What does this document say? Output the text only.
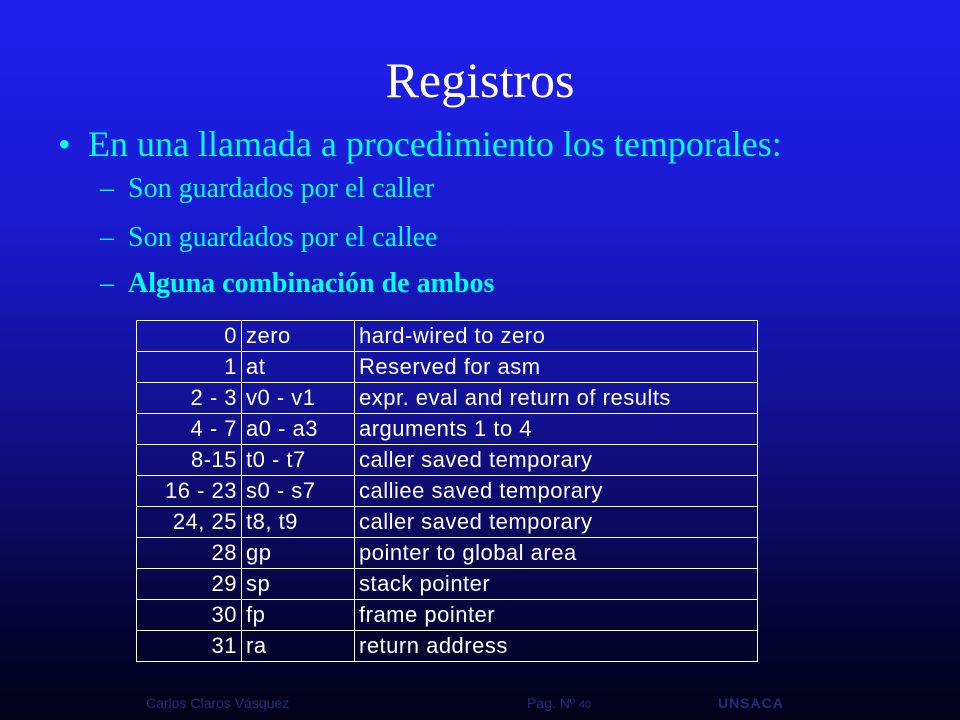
Registros
• En una llamada a procedimiento los temporales:
– Son guardados por el caller
– Son guardados por el callee
– Alguna combinación de ambos
0	zero	hard-wired to zero
1	at	Reserved for asm
2 - 3	v0 - v1	expr. eval and return of results
4 - 7	a0 - a3	arguments 1 to 4
8-15	t0 - t7	caller saved temporary
16 - 23	s0 - s7	calliee saved temporary
24, 25	t8, t9	caller saved temporary
28	gp	pointer to global area
29	sp	stack pointer
30	fp	frame pointer
31	ra	return address
Carlos Claros Vásquez	Pag. Nº 40	UNSACA
